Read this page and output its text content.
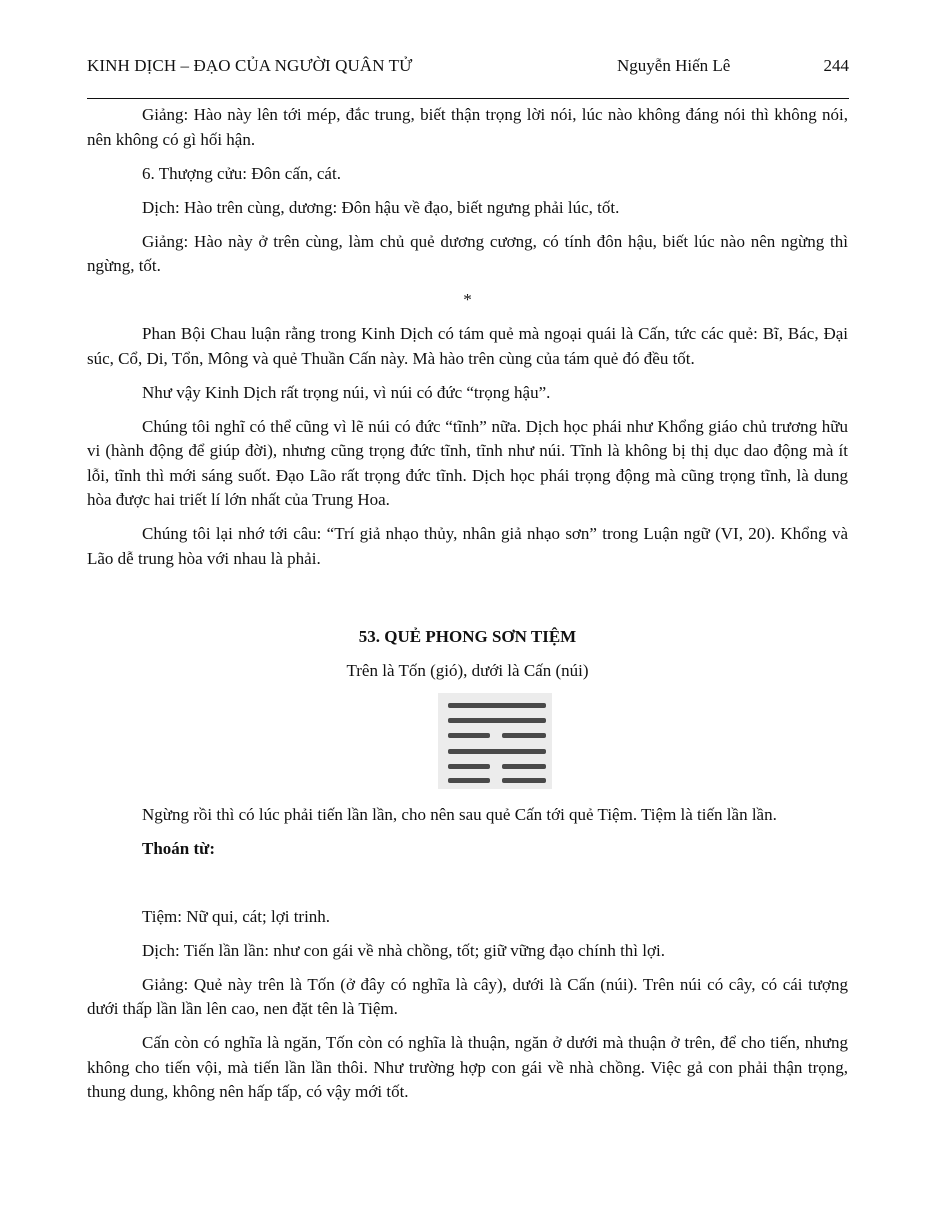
KINH DỊCH – ĐẠO CỦA NGƯỜI QUÂN TỬ	Nguyễn Hiến Lê	244

Giảng: Hào này lên tới mép, đắc trung, biết thận trọng lời nói, lúc nào không đáng nói thì không nói, nên không có gì hối hận.

6. Thượng cửu: Đôn cấn, cát.

Dịch: Hào trên cùng, dương: Đôn hậu về đạo, biết ngưng phải lúc, tốt.

Giảng: Hào này ở trên cùng, làm chủ quẻ dương cương, có tính đôn hậu, biết lúc nào nên ngừng thì ngừng, tốt.

*

Phan Bội Chau luận rằng trong Kinh Dịch có tám quẻ mà ngoại quái là Cấn, tức các quẻ: Bĩ, Bác, Đại súc, Cổ, Di, Tổn, Mông và quẻ Thuần Cấn này. Mà hào trên cùng của tám quẻ đó đều tốt.

Như vậy Kinh Dịch rất trọng núi, vì núi có đức “trọng hậu”.

Chúng tôi nghĩ có thể cũng vì lẽ núi có đức “tĩnh” nữa. Dịch học phái như Khổng giáo chủ trương hữu vi (hành động để giúp đời), nhưng cũng trọng đức tĩnh, tĩnh như núi. Tĩnh là không bị thị dục dao động mà ít lỗi, tĩnh thì mới sáng suốt. Đạo Lão rất trọng đức tĩnh. Dịch học phái trọng động mà cũng trọng tĩnh, là dung hòa được hai triết lí lớn nhất của Trung Hoa.

Chúng tôi lại nhớ tới câu: “Trí giả nhạo thủy, nhân giả nhạo sơn” trong Luận ngữ (VI, 20). Khổng và Lão dễ trung hòa với nhau là phải.

53. QUẺ PHONG SƠN TIỆM
Trên là Tốn (gió), dưới là Cấn (núi)

Ngừng rồi thì có lúc phải tiến lần lần, cho nên sau quẻ Cấn tới quẻ Tiệm. Tiệm là tiến lần lần.

Thoán từ:

Tiệm: Nữ qui, cát; lợi trinh.

Dịch: Tiến lần lần: như con gái về nhà chồng, tốt; giữ vững đạo chính thì lợi.

Giảng: Quẻ này trên là Tốn (ở đây có nghĩa là cây), dưới là Cấn (núi). Trên núi có cây, có cái tượng dưới thấp lần lần lên cao, nen đặt tên là Tiệm.

Cấn còn có nghĩa là ngăn, Tốn còn có nghĩa là thuận, ngăn ở dưới mà thuận ở trên, để cho tiến, nhưng không cho tiến vội, mà tiến lần lần thôi. Như trường hợp con gái về nhà chồng. Việc gả con phải thận trọng, thung dung, không nên hấp tấp, có vậy mới tốt.
